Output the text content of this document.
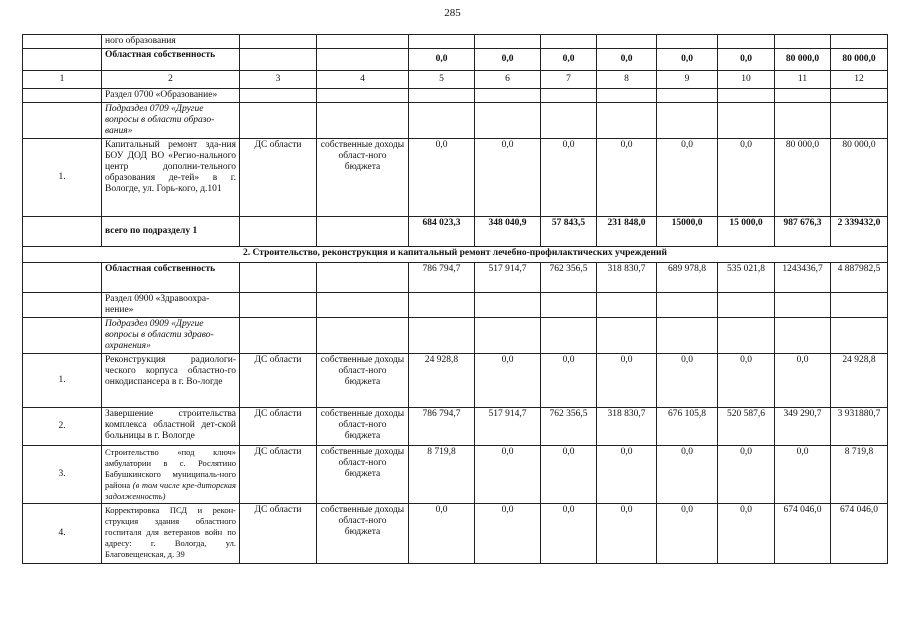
285
	ного образования										
	Областная собственность			0,0	0,0	0,0	0,0	0,0	0,0	80 000,0	80 000,0
1	2	3	4	5	6	7	8	9	10	11	12
	Раздел 0700 «Образование»										
	Подраздел 0709 «Другие вопросы в области образо-вания»										
1.	Капитальный ремонт зда-ния БОУ ДОД ВО «Регио-нального центр дополни-тельного образования де-тей» в г. Вологде, ул. Горь-кого, д.101	ДС области	собственные доходы област-ного бюджета	0,0	0,0	0,0	0,0	0,0	0,0	80 000,0	80 000,0
	всего по подразделу 1			684 023,3	348 040,9	57 843,5	231 848,0	15000,0	15 000,0	987 676,3	2 339432,0
2. Строительство, реконструкция и капитальный ремонт лечебно-профилактических учреждений											
	Областная собственность			786 794,7	517 914,7	762 356,5	318 830,7	689 978,8	535 021,8	1243436,7	4 887982,5
	Раздел 0900 «Здравоохра-нение»										
	Подраздел 0909 «Другие вопросы в области здраво-охранения»										
1.	Реконструкция радиологи-ческого корпуса областно-го онкодиспансера в г. Во-логде	ДС области	собственные доходы област-ного бюджета	24 928,8	0,0	0,0	0,0	0,0	0,0	0,0	24 928,8
2.	Завершение строительства комплекса областной дет-ской больницы в г. Вологде	ДС области	собственные доходы област-ного бюджета	786 794,7	517 914,7	762 356,5	318 830,7	676 105,8	520 587,6	349 290,7	3 931880,7
3.	Строительство «под ключ» амбулатории в с. Рослятино Бабушкинского муниципаль-ного района (в том числе кре-диторская задолженность)	ДС области	собственные доходы област-ного бюджета	8 719,8	0,0	0,0	0,0	0,0	0,0	0,0	8 719,8
4.	Корректировка ПСД и рекон-струкция здания областного госпиталя для ветеранов войн по адресу: г. Вологда, ул. Благовещенская, д. 39	ДС области	собственные доходы област-ного бюджета	0,0	0,0	0,0	0,0	0,0	0,0	674 046,0	674 046,0
